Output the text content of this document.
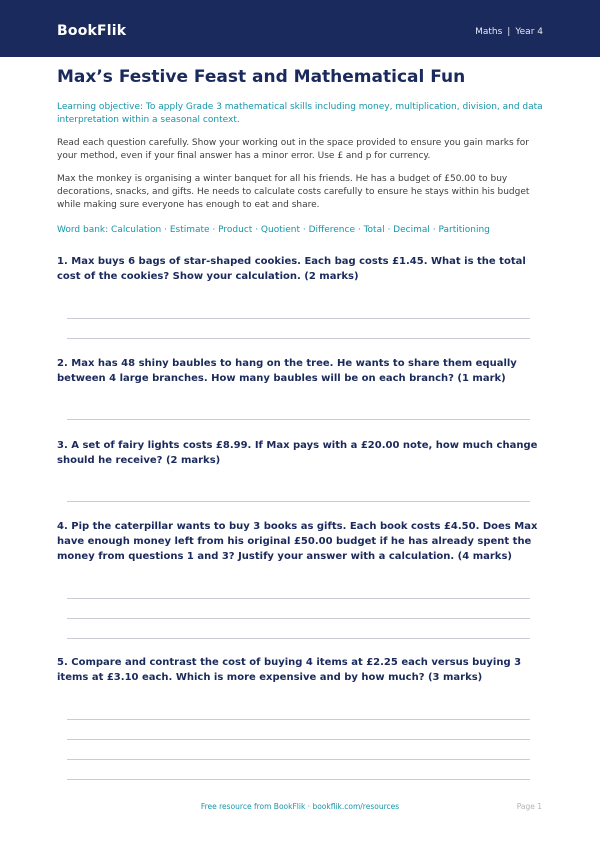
BookFlik	Maths | Year 4
Max’s Festive Feast and Mathematical Fun

Learning objective: To apply Grade 3 mathematical skills including money, multiplication, division, and data interpretation within a seasonal context.

Read each question carefully. Show your working out in the space provided to ensure you gain marks for your method, even if your final answer has a minor error. Use £ and p for currency.

Max the monkey is organising a winter banquet for all his friends. He has a budget of £50.00 to buy decorations, snacks, and gifts. He needs to calculate costs carefully to ensure he stays within his budget while making sure everyone has enough to eat and share.

Word bank: Calculation · Estimate · Product · Quotient · Difference · Total · Decimal · Partitioning

1. Max buys 6 bags of star-shaped cookies. Each bag costs £1.45. What is the total cost of the cookies? Show your calculation. (2 marks)
2. Max has 48 shiny baubles to hang on the tree. He wants to share them equally between 4 large branches. How many baubles will be on each branch? (1 mark)
3. A set of fairy lights costs £8.99. If Max pays with a £20.00 note, how much change should he receive? (2 marks)
4. Pip the caterpillar wants to buy 3 books as gifts. Each book costs £4.50. Does Max have enough money left from his original £50.00 budget if he has already spent the money from questions 1 and 3? Justify your answer with a calculation. (4 marks)
5. Compare and contrast the cost of buying 4 items at £2.25 each versus buying 3 items at £3.10 each. Which is more expensive and by how much? (3 marks)
Free resource from BookFlik · bookflik.com/resources	Page 1
